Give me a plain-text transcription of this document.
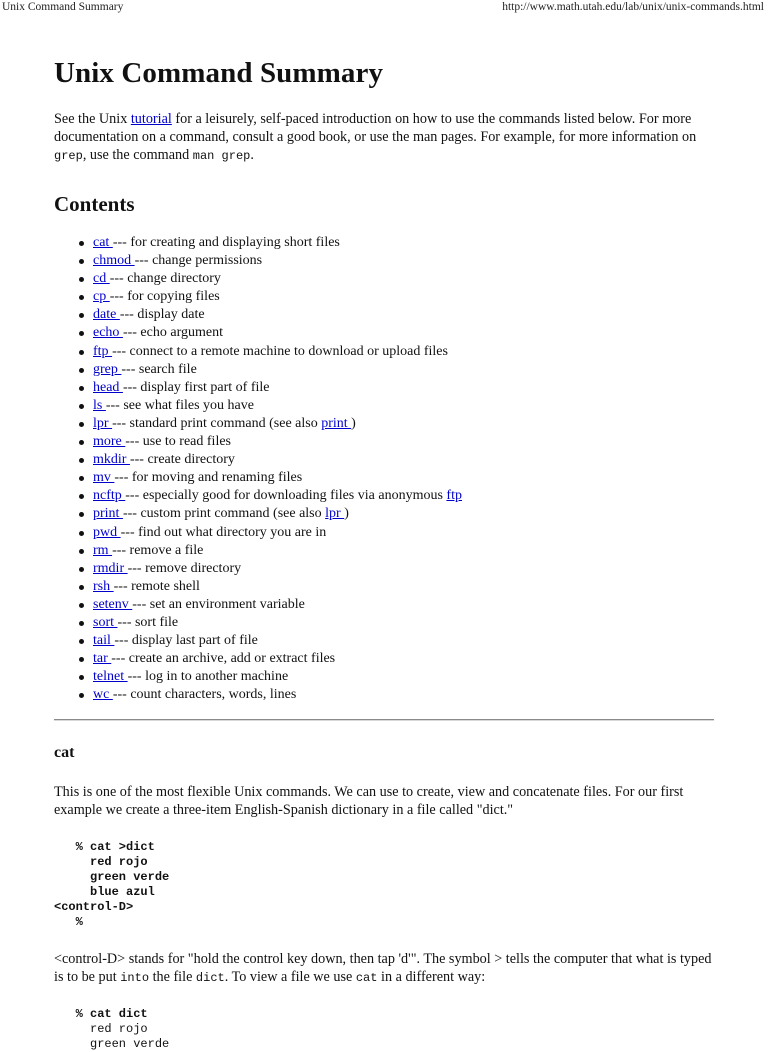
Unix Command Summary	http://www.math.utah.edu/lab/unix/unix-commands.html
Unix Command Summary

See the Unix tutorial for a leisurely, self-paced introduction on how to use the commands listed below. For more documentation on a command, consult a good book, or use the man pages. For example, for more information on grep, use the command man grep.

Contents
cat --- for creating and displaying short files
chmod --- change permissions
cd --- change directory
cp --- for copying files
date --- display date
echo --- echo argument
ftp --- connect to a remote machine to download or upload files
grep --- search file
head --- display first part of file
ls --- see what files you have
lpr --- standard print command (see also print )
more --- use to read files
mkdir --- create directory
mv --- for moving and renaming files
ncftp --- especially good for downloading files via anonymous ftp
print --- custom print command (see also lpr )
pwd --- find out what directory you are in
rm --- remove a file
rmdir --- remove directory
rsh --- remote shell
setenv --- set an environment variable
sort --- sort file
tail --- display last part of file
tar --- create an archive, add or extract files
telnet --- log in to another machine
wc --- count characters, words, lines
cat

This is one of the most flexible Unix commands. We can use to create, view and concatenate files. For our first example we create a three-item English-Spanish dictionary in a file called "dict."

% cat >dict
red rojo
green verde
blue azul
<control-D>
%

<control-D> stands for "hold the control key down, then tap 'd'". The symbol > tells the computer that what is typed is to be put into the file dict. To view a file we use cat in a different way:

% cat dict
red rojo
green verde
